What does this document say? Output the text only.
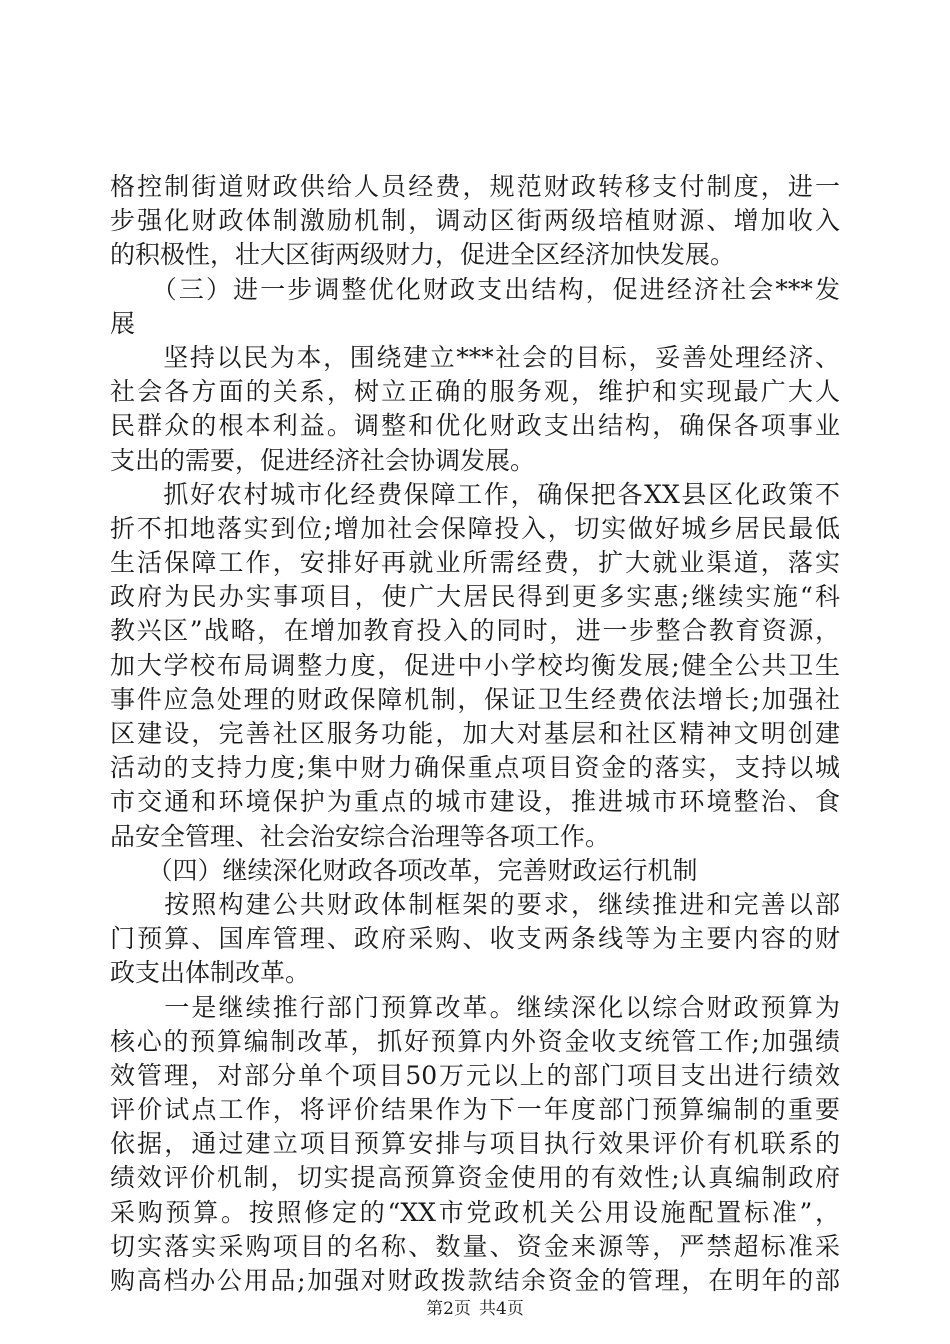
格控制街道财政供给人员经费，规范财政转移支付制度，进一
步强化财政体制激励机制，调动区街两级培植财源、增加收入
的积极性，壮大区街两级财力，促进全区经济加快发展。
　　（三）进一步调整优化财政支出结构，促进经济社会***发
展
　　坚持以民为本，围绕建立***社会的目标，妥善处理经济、
社会各方面的关系，树立正确的服务观，维护和实现最广大人
民群众的根本利益。调整和优化财政支出结构，确保各项事业
支出的需要，促进经济社会协调发展。
　　抓好农村城市化经费保障工作，确保把各XX县区化政策不
折不扣地落实到位;增加社会保障投入，切实做好城乡居民最低
生活保障工作，安排好再就业所需经费，扩大就业渠道，落实
政府为民办实事项目，使广大居民得到更多实惠;继续实施“科
教兴区”战略，在增加教育投入的同时，进一步整合教育资源，
加大学校布局调整力度，促进中小学校均衡发展;健全公共卫生
事件应急处理的财政保障机制，保证卫生经费依法增长;加强社
区建设，完善社区服务功能，加大对基层和社区精神文明创建
活动的支持力度;集中财力确保重点项目资金的落实，支持以城
市交通和环境保护为重点的城市建设，推进城市环境整治、食
品安全管理、社会治安综合治理等各项工作。
　　（四）继续深化财政各项改革，完善财政运行机制
　　按照构建公共财政体制框架的要求，继续推进和完善以部
门预算、国库管理、政府采购、收支两条线等为主要内容的财
政支出体制改革。
　　一是继续推行部门预算改革。继续深化以综合财政预算为
核心的预算编制改革，抓好预算内外资金收支统管工作;加强绩
效管理，对部分单个项目50万元以上的部门项目支出进行绩效
评价试点工作，将评价结果作为下一年度部门预算编制的重要
依据，通过建立项目预算安排与项目执行效果评价有机联系的
绩效评价机制，切实提高预算资金使用的有效性;认真编制政府
采购预算。按照修定的“XX市党政机关公用设施配置标准”，
切实落实采购项目的名称、数量、资金来源等，严禁超标准采
购高档办公用品;加强对财政拨款结余资金的管理，在明年的部
第2页 共4页
